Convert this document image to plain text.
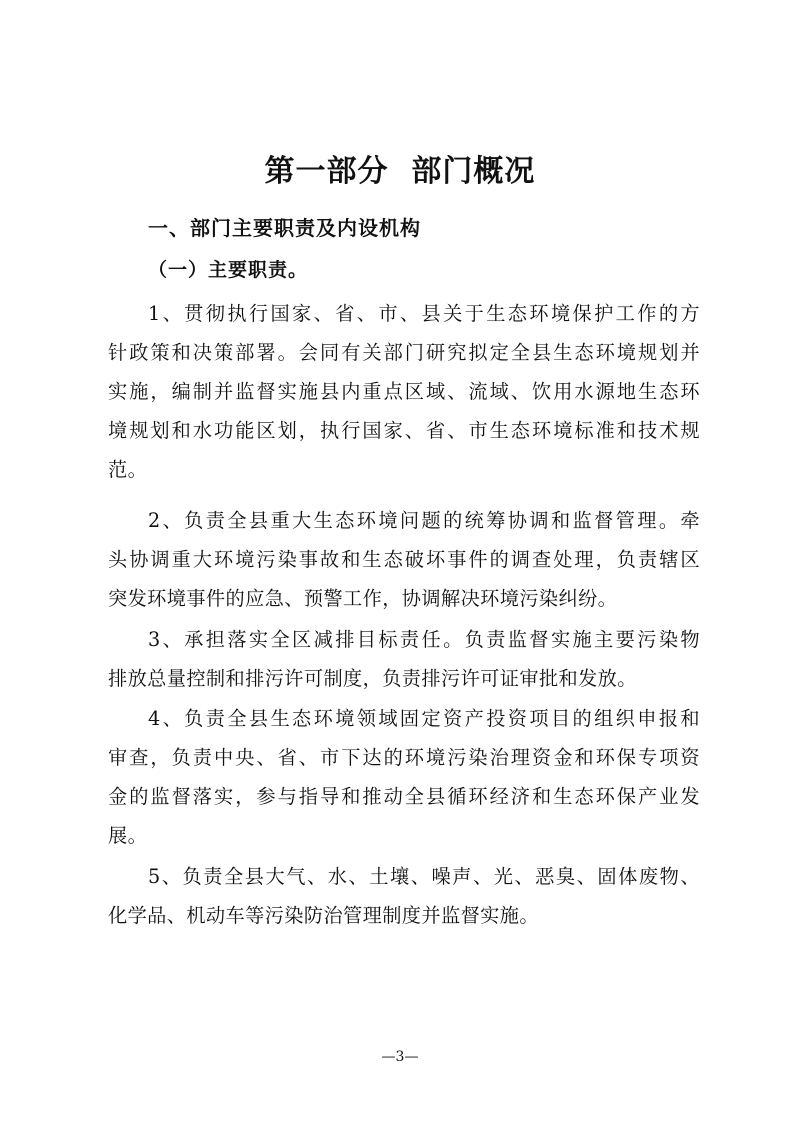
第一部分  部门概况
一、部门主要职责及内设机构
（一）主要职责。
1、贯彻执行国家、省、市、县关于生态环境保护工作的方
针政策和决策部署。会同有关部门研究拟定全县生态环境规划并
实施，编制并监督实施县内重点区域、流域、饮用水源地生态环
境规划和水功能区划，执行国家、省、市生态环境标准和技术规
范。
2、负责全县重大生态环境问题的统筹协调和监督管理。牵
头协调重大环境污染事故和生态破坏事件的调查处理，负责辖区
突发环境事件的应急、预警工作，协调解决环境污染纠纷。
3、承担落实全区减排目标责任。负责监督实施主要污染物
排放总量控制和排污许可制度，负责排污许可证审批和发放。
4、负责全县生态环境领域固定资产投资项目的组织申报和
审查，负责中央、省、市下达的环境污染治理资金和环保专项资
金的监督落实，参与指导和推动全县循环经济和生态环保产业发
展。
5、负责全县大气、水、土壤、噪声、光、恶臭、固体废物、
化学品、机动车等污染防治管理制度并监督实施。
—3—
